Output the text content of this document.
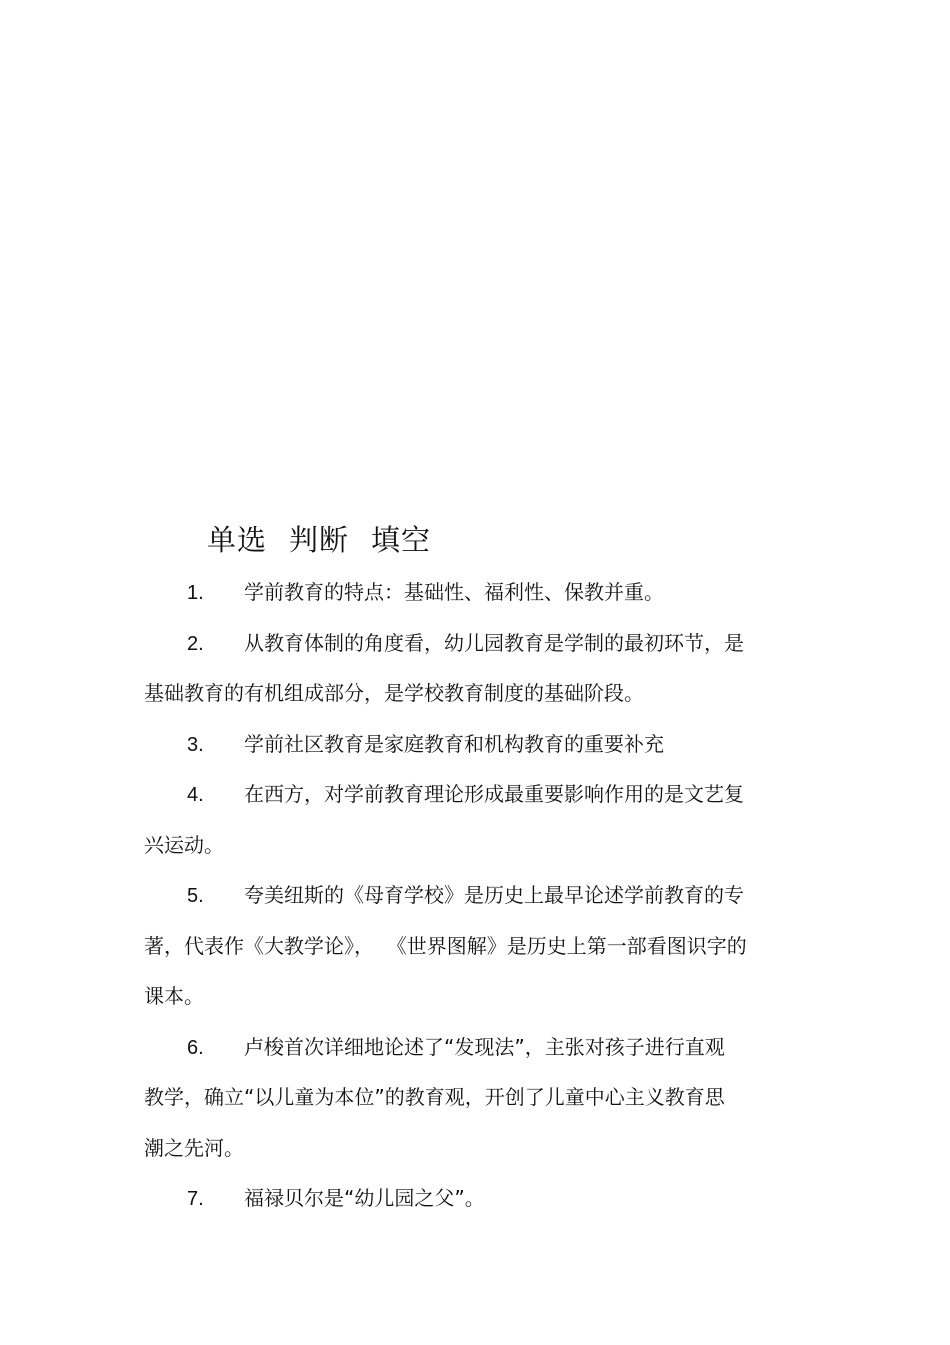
单选 判断 填空
1. 学前教育的特点：基础性、福利性、保教并重。
2. 从教育体制的角度看，幼儿园教育是学制的最初环节，是
基础教育的有机组成部分，是学校教育制度的基础阶段。
3. 学前社区教育是家庭教育和机构教育的重要补充
4. 在西方，对学前教育理论形成最重要影响作用的是文艺复
兴运动。
5. 夸美纽斯的《母育学校》是历史上最早论述学前教育的专
著，代表作《大教学论》，  《世界图解》是历史上第一部看图识字的
课本。
6. 卢梭首次详细地论述了“发现法”，主张对孩子进行直观
教学，确立“以儿童为本位”的教育观，开创了儿童中心主义教育思
潮之先河。
7. 福禄贝尔是“幼儿园之父”。
